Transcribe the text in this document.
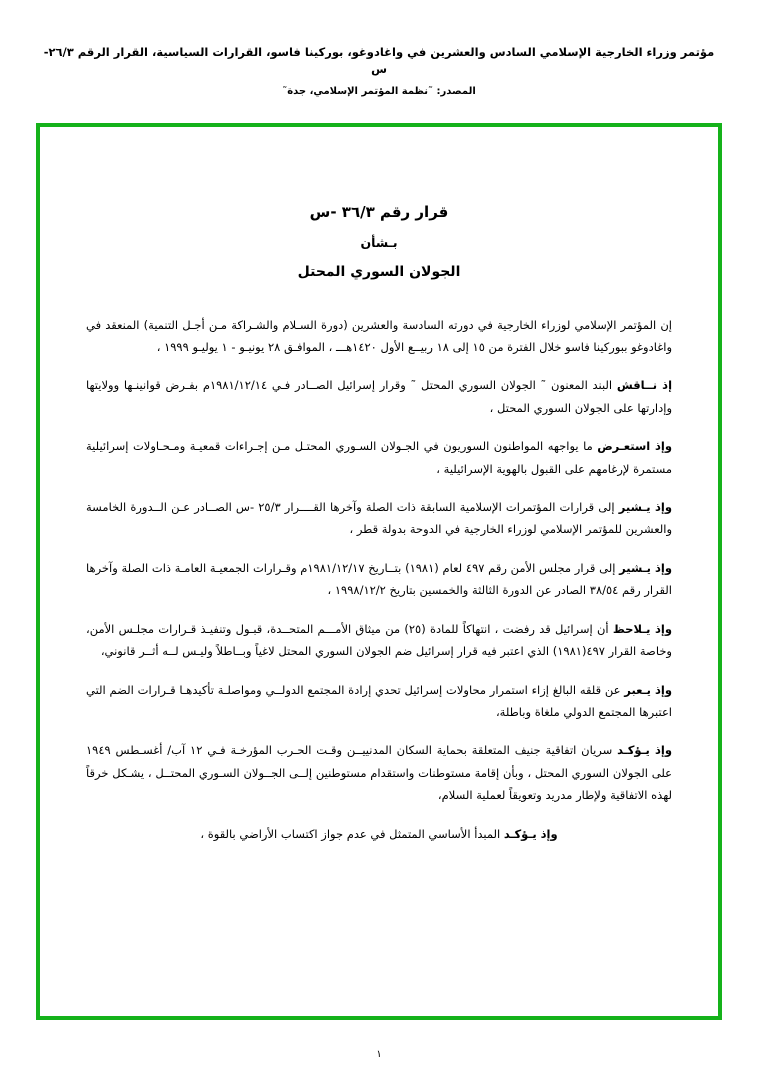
مؤتمر وزراء الخارجية الإسلامي السادس والعشرين في واغادوغو، بوركينا فاسو، القرارات السياسية، القرار الرقم ٢٦/٣-س
المصدر: ˜نظمة المؤتمر الإسلامي، جدة˜
قرار رقم ٣٦/٣ -س
بـشأن
الجولان السوري المحتل

إن المؤتمر الإسلامي لوزراء الخارجية في دورته السادسة والعشرين (دورة السـلام والشـراكة مـن أجـل التنمية) المنعقد في واغادوغو ببوركينا فاسو خلال الفترة من ١٥ إلى ١٨ ربيــع الأول ١٤٢٠هـــ ، الموافـق ٢٨ يونيـو - ١ يوليـو ١٩٩٩ ،

إذ نــاقش البند المعنون ˜ الجولان السوري المحتل ˜ وقرار إسرائيل الصــادر فـي ١٩٨١/١٢/١٤م بفـرض قوانينـها وولايتها وإدارتها على الجولان السوري المحتل ،

وإذ استعـرض ما يواجهه المواطنون السوريون في الجـولان السـوري المحتـل مـن إجـراءات قمعيـة ومـحـاولات إسرائيلية مستمرة لإرغامهم على القبول بالهوية الإسرائيلية ،

وإذ يـشير إلى قرارات المؤتمرات الإسلامية السابقة ذات الصلة وآخرها القــــرار ٢٥/٣ -س الصــادر عـن الــدورة الخامسة والعشرين للمؤتمر الإسلامي لوزراء الخارجية في الدوحة بدولة قطر ،

وإذ يـشير إلى قرار مجلس الأمن رقم ٤٩٧ لعام (١٩٨١) بتــاريخ ١٩٨١/١٢/١٧م وقـرارات الجمعيـة العامـة ذات الصلة وآخرها القرار رقم ٣٨/٥٤ الصادر عن الدورة الثالثة والخمسين بتاريخ ١٩٩٨/١٢/٢ ،

وإذ يـلاحظ أن إسرائيل قد رفضت ، انتهاكاً للمادة (٢٥) من ميثاق الأمـــم المتحــدة، قبـول وتنفيـذ قـرارات مجلـس الأمن، وخاصة القرار ٤٩٧(١٩٨١) الذي اعتبر فيه قرار إسرائيل ضم الجولان السوري المحتل لاغياً وبــاطلاً وليـس لــه أثــر قانوني،

وإذ يـعبر عن قلقه البالغ إزاء استمرار محاولات إسرائيل تحدي إرادة المجتمع الدولــي ومواصلـة تأكيدهـا قـرارات الضم التي اعتبرها المجتمع الدولي ملغاة وباطلة،

وإذ يـؤكـد سريان اتفاقية جنيف المتعلقة بحماية السكان المدنييــن وقـت الحـرب المؤرخـة فـي ١٢ آب/ أغسـطس ١٩٤٩ على الجولان السوري المحتل ، وبأن إقامة مستوطنات واستقدام مستوطنين إلــى الجــولان السـوري المحتــل ، يشـكل خرقاً لهذه الاتفاقية ولإطار مدريد وتعويقاً لعملية السلام،

وإذ يـؤكـد المبدأ الأساسي المتمثل في عدم جواز اكتساب الأراضي بالقوة ،

١
